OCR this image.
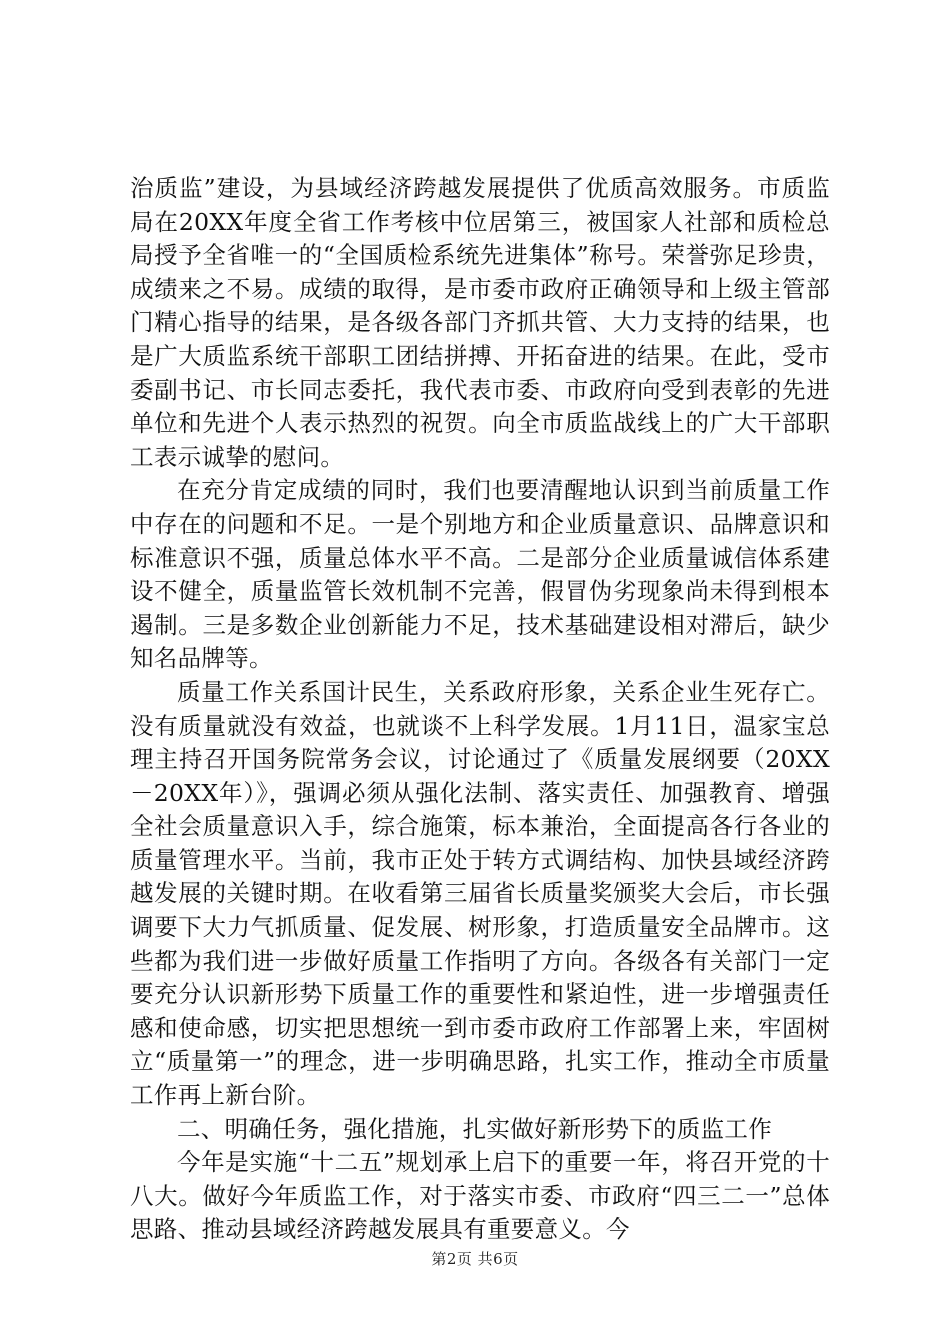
治质监”建设，为县域经济跨越发展提供了优质高效服务。市质监局在20XX年度全省工作考核中位居第三，被国家人社部和质检总局授予全省唯一的“全国质检系统先进集体”称号。荣誉弥足珍贵，成绩来之不易。成绩的取得，是市委市政府正确领导和上级主管部门精心指导的结果，是各级各部门齐抓共管、大力支持的结果，也是广大质监系统干部职工团结拼搏、开拓奋进的结果。在此，受市委副书记、市长同志委托，我代表市委、市政府向受到表彰的先进单位和先进个人表示热烈的祝贺。向全市质监战线上的广大干部职工表示诚挚的慰问。

在充分肯定成绩的同时，我们也要清醒地认识到当前质量工作中存在的问题和不足。一是个别地方和企业质量意识、品牌意识和标准意识不强，质量总体水平不高。二是部分企业质量诚信体系建设不健全，质量监管长效机制不完善，假冒伪劣现象尚未得到根本遏制。三是多数企业创新能力不足，技术基础建设相对滞后，缺少知名品牌等。

质量工作关系国计民生，关系政府形象，关系企业生死存亡。没有质量就没有效益，也就谈不上科学发展。1月11日，温家宝总理主持召开国务院常务会议，讨论通过了《质量发展纲要（20XX－20XX年）》，强调必须从强化法制、落实责任、加强教育、增强全社会质量意识入手，综合施策，标本兼治，全面提高各行各业的质量管理水平。当前，我市正处于转方式调结构、加快县域经济跨越发展的关键时期。在收看第三届省长质量奖颁奖大会后，市长强调要下大力气抓质量、促发展、树形象，打造质量安全品牌市。这些都为我们进一步做好质量工作指明了方向。各级各有关部门一定要充分认识新形势下质量工作的重要性和紧迫性，进一步增强责任感和使命感，切实把思想统一到市委市政府工作部署上来，牢固树立“质量第一”的理念，进一步明确思路，扎实工作，推动全市质量工作再上新台阶。

二、明确任务，强化措施，扎实做好新形势下的质监工作

今年是实施“十二五”规划承上启下的重要一年，将召开党的十八大。做好今年质监工作，对于落实市委、市政府“四三二一”总体思路、推动县域经济跨越发展具有重要意义。今

第2页 共6页
